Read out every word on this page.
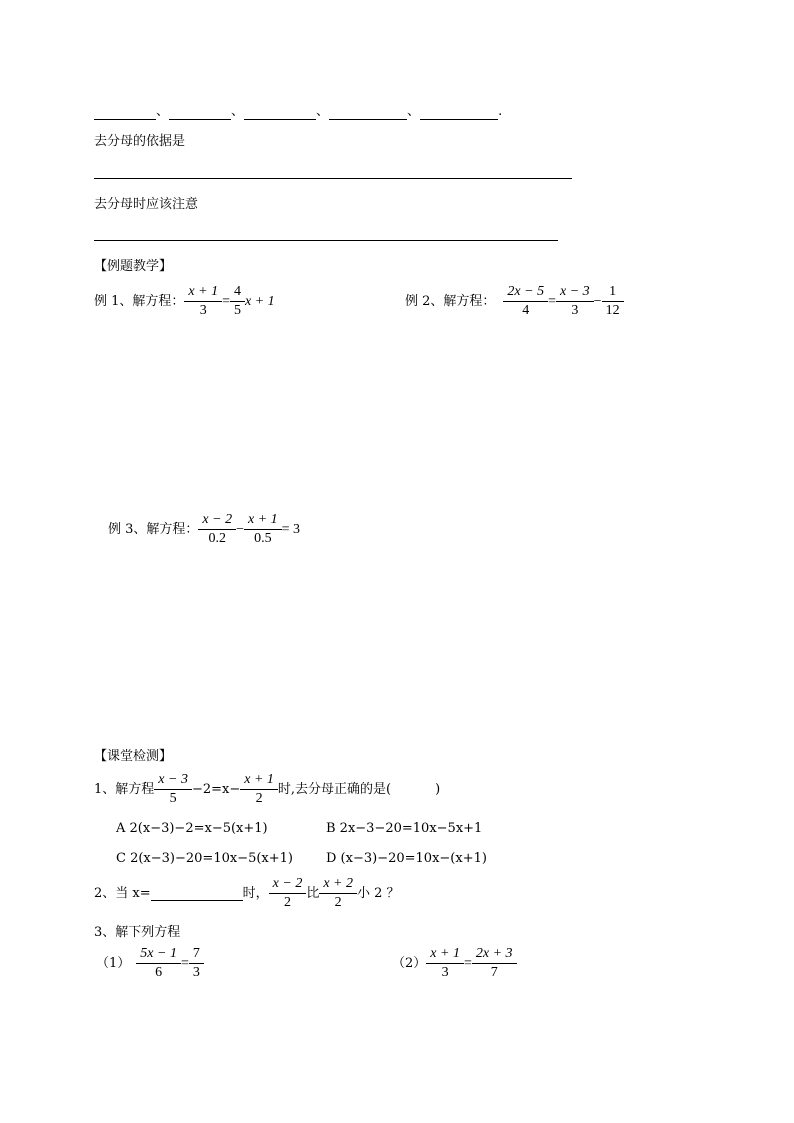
、	、	、	、	.
去分母的依据是
去分母时应该注意
【例题教学】
例 1、解方程： $\frac{x + 1}{3} = \frac{4}{5}$ x + 1	例 2、解方程： $\frac{2x - 5}{4} = \frac{x - 3}{3} - \frac{1}{12}$
例 3、解方程： $\frac{x - 2}{0.2} - \frac{x + 1}{0.5} = 3$
【课堂检测】
1、解方程 $\frac{x - 3}{5} -2=x- \frac{x + 1}{2}$ 时,去分母正确的是(	)
A 2(x−3)−2=x−5(x+1)	B 2x−3−20=10x−5x+1
C 2(x−3)−20=10x−5(x+1)	D (x−3)−20=10x−(x+1)
2、当 x=	时， $\frac{x - 2}{2}$ 比 $\frac{x + 2}{2}$ 小 2 ？
3、解下列方程
$(1) \frac{5x - 1}{6} = \frac{7}{3}$	$(2) \frac{x + 1}{3} = \frac{2x + 3}{7}$
